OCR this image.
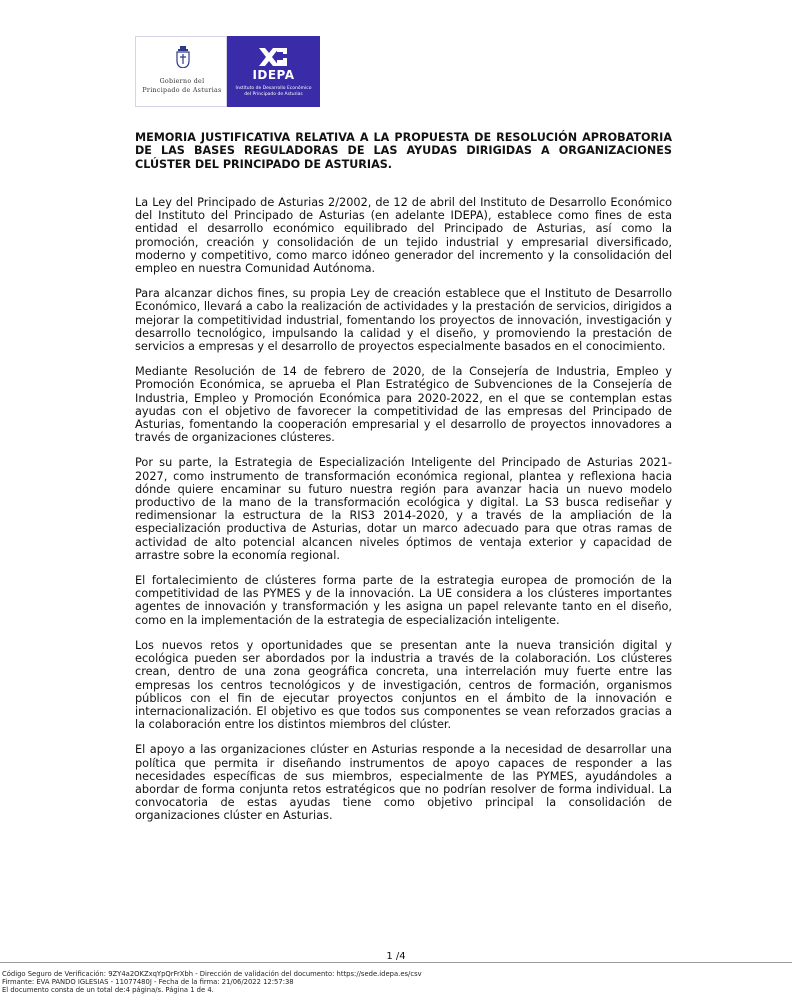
Gobierno del
Principado de Asturias
IDEPA
Instituto de Desarrollo Económico
del Principado de Asturias
MEMORIA JUSTIFICATIVA RELATIVA A LA PROPUESTA DE RESOLUCIÓN APROBATORIA DE LAS BASES REGULADORAS DE LAS AYUDAS DIRIGIDAS A ORGANIZACIONES CLÚSTER DEL PRINCIPADO DE ASTURIAS.

La Ley del Principado de Asturias 2/2002, de 12 de abril del Instituto de Desarrollo Económico del Instituto del Principado de Asturias (en adelante IDEPA), establece como fines de esta entidad el desarrollo económico equilibrado del Principado de Asturias, así como la promoción, creación y consolidación de un tejido industrial y empresarial diversificado, moderno y competitivo, como marco idóneo generador del incremento y la consolidación del empleo en nuestra Comunidad Autónoma.

Para alcanzar dichos fines, su propia Ley de creación establece que el Instituto de Desarrollo Económico, llevará a cabo la realización de actividades y la prestación de servicios, dirigidos a mejorar la competitividad industrial, fomentando los proyectos de innovación, investigación y desarrollo tecnológico, impulsando la calidad y el diseño, y promoviendo la prestación de servicios a empresas y el desarrollo de proyectos especialmente basados en el conocimiento.

Mediante Resolución de 14 de febrero de 2020, de la Consejería de Industria, Empleo y Promoción Económica, se aprueba el Plan Estratégico de Subvenciones de la Consejería de Industria, Empleo y Promoción Económica para 2020-2022, en el que se contemplan estas ayudas con el objetivo de favorecer la competitividad de las empresas del Principado de Asturias, fomentando la cooperación empresarial y el desarrollo de proyectos innovadores a través de organizaciones clústeres.

Por su parte, la Estrategia de Especialización Inteligente del Principado de Asturias 2021-2027, como instrumento de transformación económica regional, plantea y reflexiona hacia dónde quiere encaminar su futuro nuestra región para avanzar hacia un nuevo modelo productivo de la mano de la transformación ecológica y digital. La S3 busca rediseñar y redimensionar la estructura de la RIS3 2014-2020, y a través de la ampliación de la especialización productiva de Asturias, dotar un marco adecuado para que otras ramas de actividad de alto potencial alcancen niveles óptimos de ventaja exterior y capacidad de arrastre sobre la economía regional.

El fortalecimiento de clústeres forma parte de la estrategia europea de promoción de la competitividad de las PYMES y de la innovación. La UE considera a los clústeres importantes agentes de innovación y transformación y les asigna un papel relevante tanto en el diseño, como en la implementación de la estrategia de especialización inteligente.

Los nuevos retos y oportunidades que se presentan ante la nueva transición digital y ecológica pueden ser abordados por la industria a través de la colaboración. Los clústeres crean, dentro de una zona geográfica concreta, una interrelación muy fuerte entre las empresas los centros tecnológicos y de investigación, centros de formación, organismos públicos con el fin de ejecutar proyectos conjuntos en el ámbito de la innovación e internacionalización. El objetivo es que todos sus componentes se vean reforzados gracias a la colaboración entre los distintos miembros del clúster.

El apoyo a las organizaciones clúster en Asturias responde a la necesidad de desarrollar una política que permita ir diseñando instrumentos de apoyo capaces de responder a las necesidades específicas de sus miembros, especialmente de las PYMES, ayudándoles a abordar de forma conjunta retos estratégicos que no podrían resolver de forma individual. La convocatoria de estas ayudas tiene como objetivo principal la consolidación de organizaciones clúster en Asturias.

1 /4
Código Seguro de Verificación: 9ZY4a2OKZxqYpQrFrXbh - Dirección de validación del documento: https://sede.idepa.es/csv
Firmante: EVA PANDO IGLESIAS - 11077480J - Fecha de la firma: 21/06/2022 12:57:38
El documento consta de un total de:4 página/s. Página 1 de 4.
